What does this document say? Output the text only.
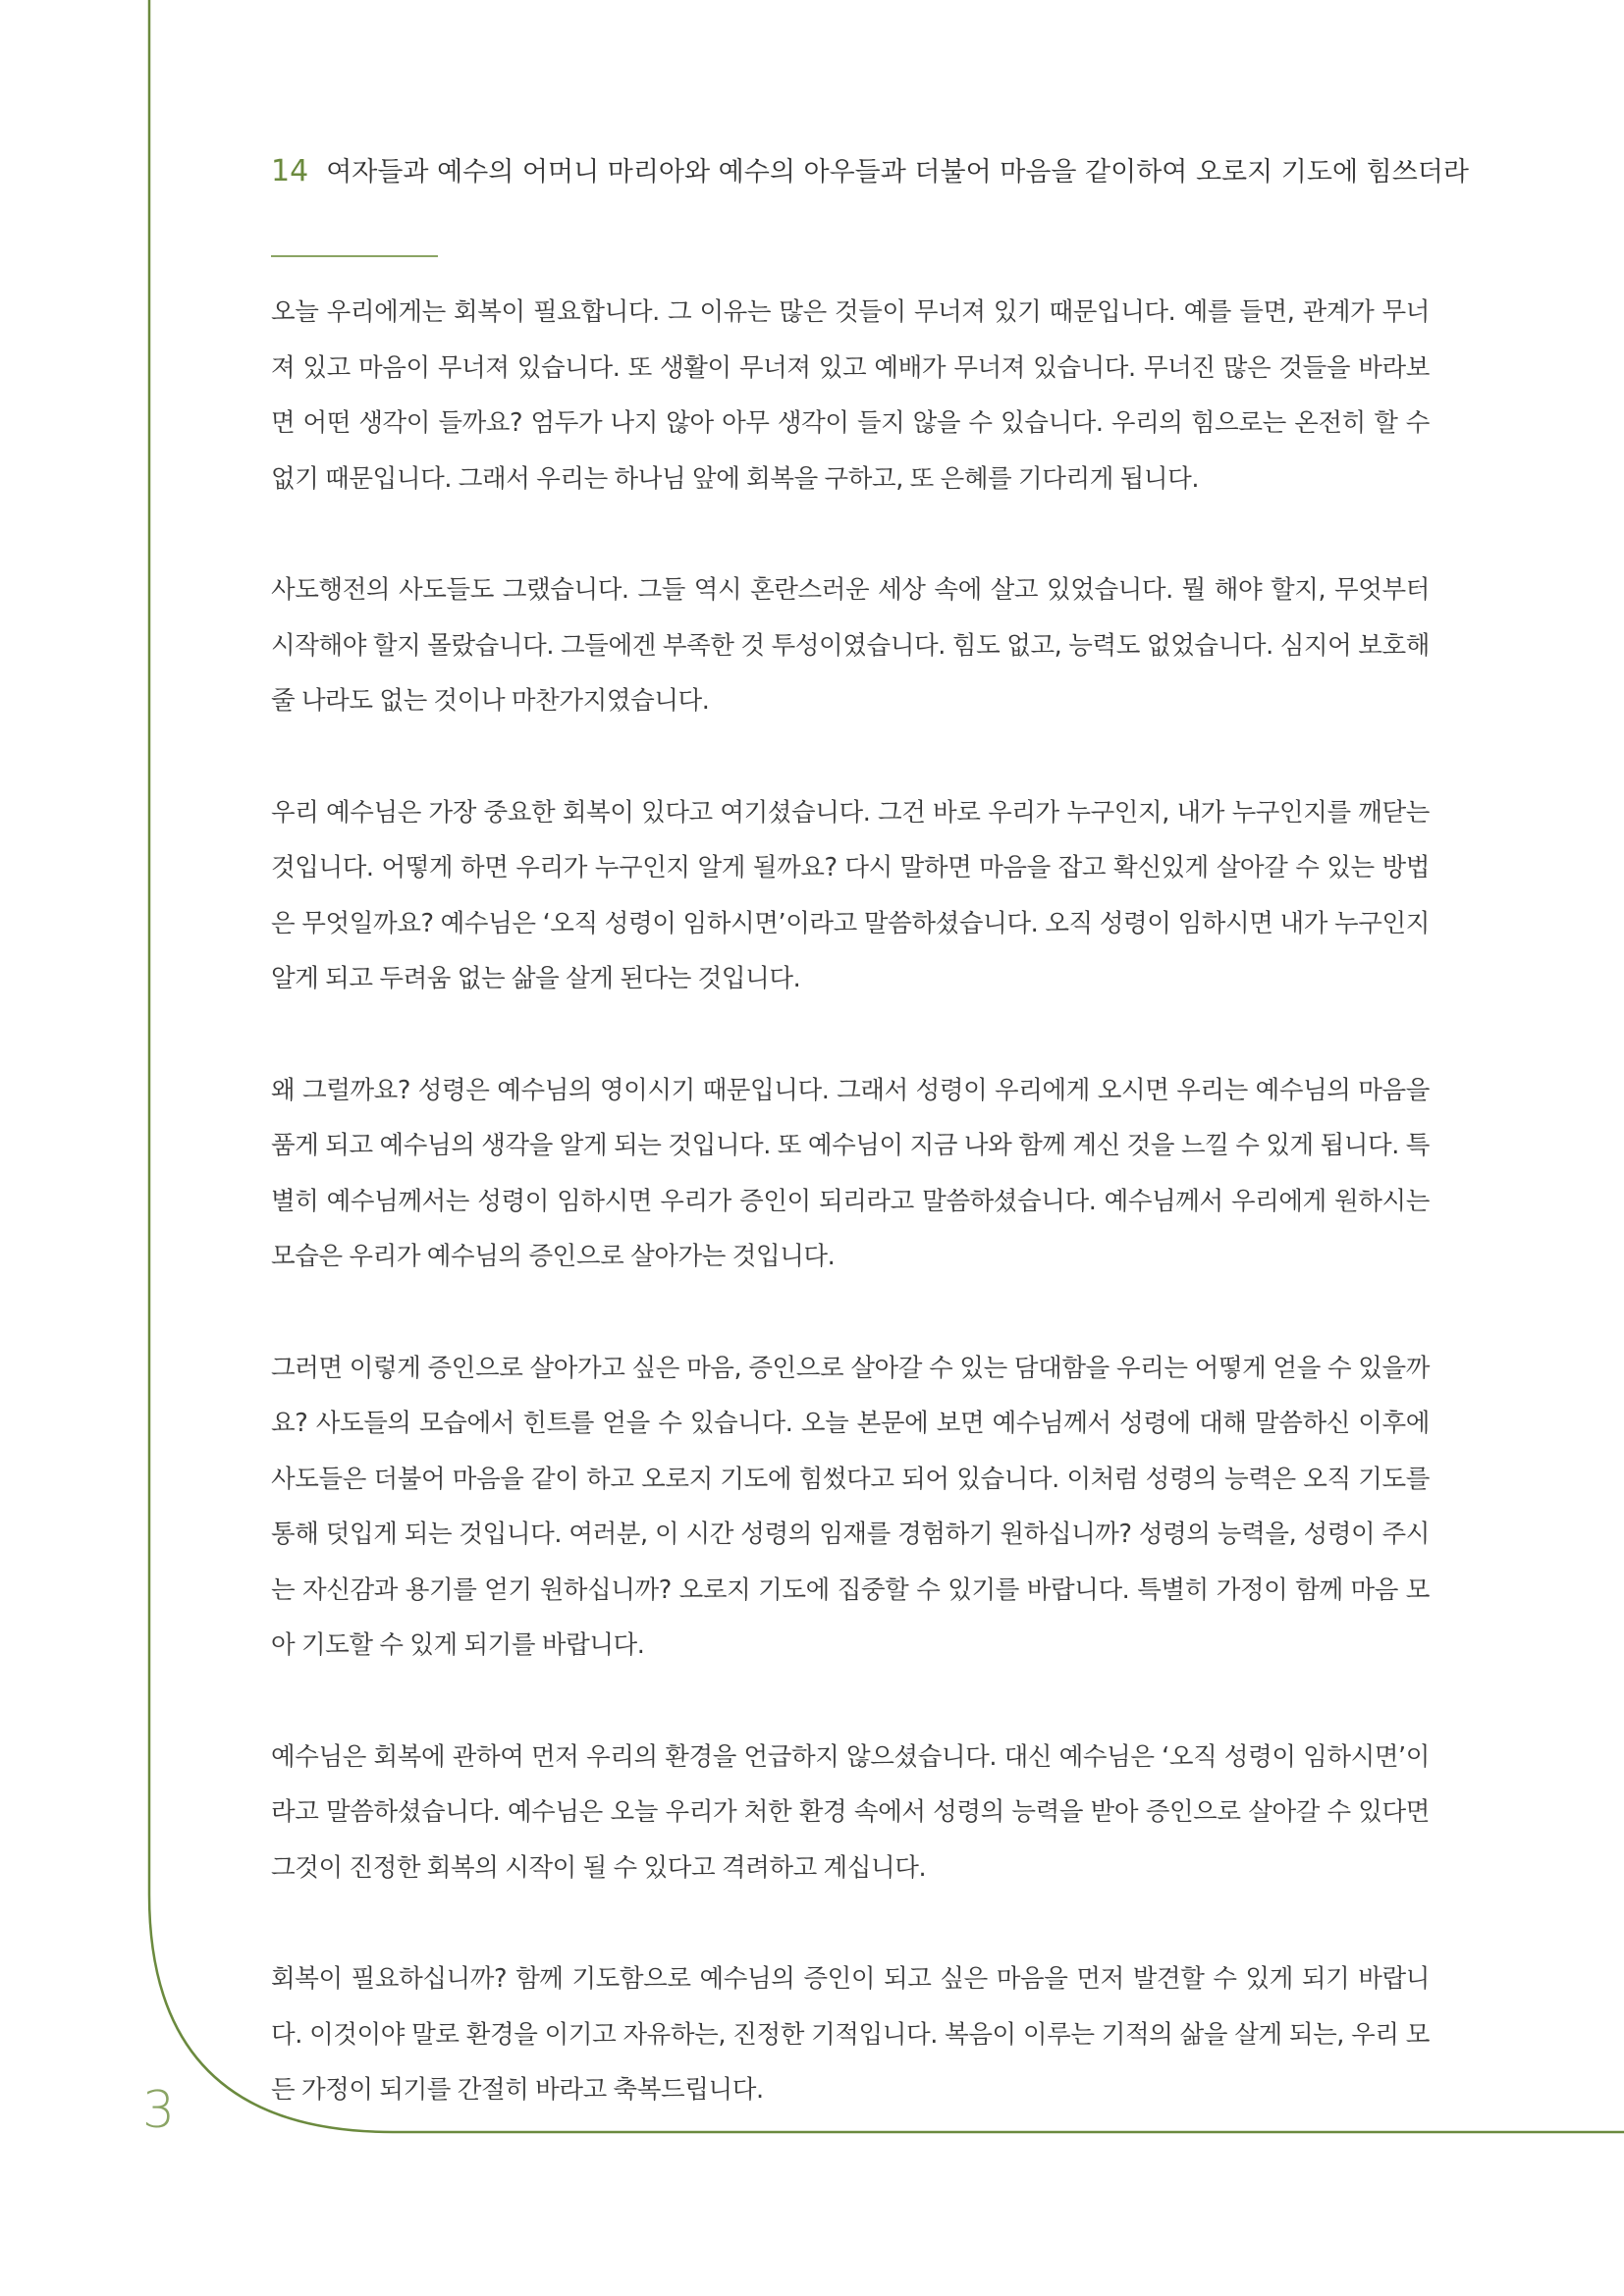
14 여자들과 예수의 어머니 마리아와 예수의 아우들과 더불어 마음을 같이하여 오로지 기도에 힘쓰더라

오늘 우리에게는 회복이 필요합니다. 그 이유는 많은 것들이 무너져 있기 때문입니다. 예를 들면, 관계가 무너져 있고 마음이 무너져 있습니다. 또 생활이 무너져 있고 예배가 무너져 있습니다. 무너진 많은 것들을 바라보면 어떤 생각이 들까요? 엄두가 나지 않아 아무 생각이 들지 않을 수 있습니다. 우리의 힘으로는 온전히 할 수 없기 때문입니다. 그래서 우리는 하나님 앞에 회복을 구하고, 또 은혜를 기다리게 됩니다.

사도행전의 사도들도 그랬습니다. 그들 역시 혼란스러운 세상 속에 살고 있었습니다. 뭘 해야 할지, 무엇부터 시작해야 할지 몰랐습니다. 그들에겐 부족한 것 투성이였습니다. 힘도 없고, 능력도 없었습니다. 심지어 보호해 줄 나라도 없는 것이나 마찬가지였습니다.

우리 예수님은 가장 중요한 회복이 있다고 여기셨습니다. 그건 바로 우리가 누구인지, 내가 누구인지를 깨닫는 것입니다. 어떻게 하면 우리가 누구인지 알게 될까요? 다시 말하면 마음을 잡고 확신있게 살아갈 수 있는 방법은 무엇일까요? 예수님은 ‘오직 성령이 임하시면’이라고 말씀하셨습니다. 오직 성령이 임하시면 내가 누구인지 알게 되고 두려움 없는 삶을 살게 된다는 것입니다.

왜 그럴까요? 성령은 예수님의 영이시기 때문입니다. 그래서 성령이 우리에게 오시면 우리는 예수님의 마음을 품게 되고 예수님의 생각을 알게 되는 것입니다. 또 예수님이 지금 나와 함께 계신 것을 느낄 수 있게 됩니다. 특별히 예수님께서는 성령이 임하시면 우리가 증인이 되리라고 말씀하셨습니다. 예수님께서 우리에게 원하시는 모습은 우리가 예수님의 증인으로 살아가는 것입니다.

그러면 이렇게 증인으로 살아가고 싶은 마음, 증인으로 살아갈 수 있는 담대함을 우리는 어떻게 얻을 수 있을까요? 사도들의 모습에서 힌트를 얻을 수 있습니다. 오늘 본문에 보면 예수님께서 성령에 대해 말씀하신 이후에 사도들은 더불어 마음을 같이 하고 오로지 기도에 힘썼다고 되어 있습니다. 이처럼 성령의 능력은 오직 기도를 통해 덧입게 되는 것입니다. 여러분, 이 시간 성령의 임재를 경험하기 원하십니까? 성령의 능력을, 성령이 주시는 자신감과 용기를 얻기 원하십니까? 오로지 기도에 집중할 수 있기를 바랍니다. 특별히 가정이 함께 마음 모아 기도할 수 있게 되기를 바랍니다.

예수님은 회복에 관하여 먼저 우리의 환경을 언급하지 않으셨습니다. 대신 예수님은 ‘오직 성령이 임하시면’이라고 말씀하셨습니다. 예수님은 오늘 우리가 처한 환경 속에서 성령의 능력을 받아 증인으로 살아갈 수 있다면 그것이 진정한 회복의 시작이 될 수 있다고 격려하고 계십니다.

회복이 필요하십니까? 함께 기도함으로 예수님의 증인이 되고 싶은 마음을 먼저 발견할 수 있게 되기 바랍니다. 이것이야 말로 환경을 이기고 자유하는, 진정한 기적입니다. 복음이 이루는 기적의 삶을 살게 되는, 우리 모든 가정이 되기를 간절히 바라고 축복드립니다.

3
